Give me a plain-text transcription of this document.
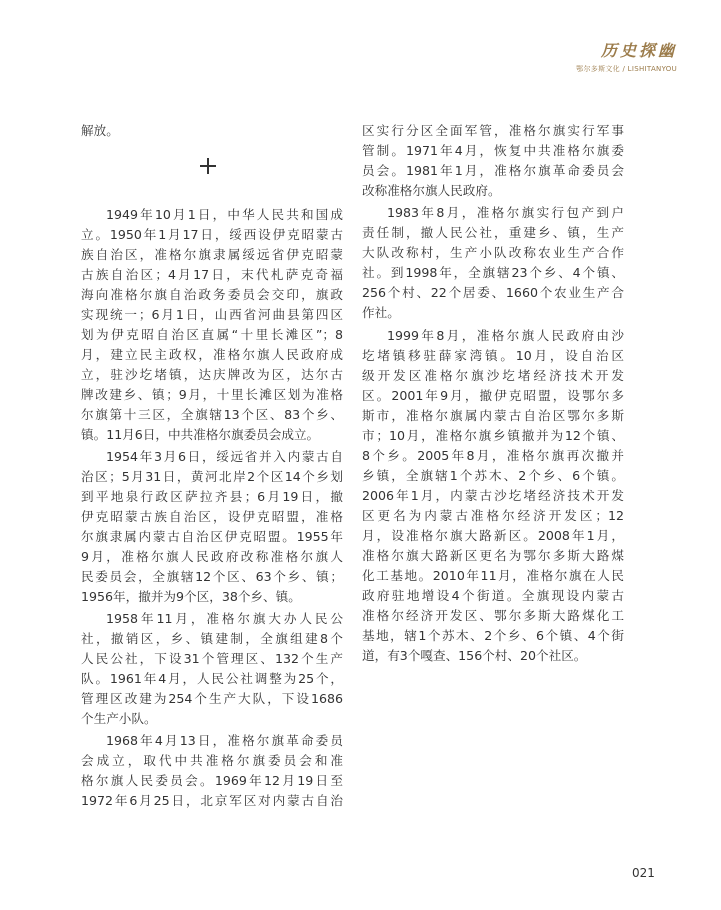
历史探幽
鄂尔多斯文化 / LISHITANYOU
解放。
1949年10月1日，中华人民共和国成
立。1950年1月17日，绥西设伊克昭蒙古
族自治区，准格尔旗隶属绥远省伊克昭蒙
古族自治区；4月17日，末代札萨克奇福
海向准格尔旗自治政务委员会交印，旗政
实现统一；6月1日，山西省河曲县第四区
划为伊克昭自治区直属“十里长滩区”；8
月，建立民主政权，准格尔旗人民政府成
立，驻沙圪堵镇，达庆牌改为区，达尔古
牌改建乡、镇；9月，十里长滩区划为准格
尔旗第十三区，全旗辖13个区、83个乡、
镇。11月6日，中共准格尔旗委员会成立。
1954年3月6日，绥远省并入内蒙古自
治区；5月31日，黄河北岸2个区14个乡划
到平地泉行政区萨拉齐县；6月19日，撤
伊克昭蒙古族自治区，设伊克昭盟，准格
尔旗隶属内蒙古自治区伊克昭盟。1955年
9月，准格尔旗人民政府改称准格尔旗人
民委员会，全旗辖12个区、63个乡、镇；
1956年，撤并为9个区，38个乡、镇。
1958年11月，准格尔旗大办人民公
社，撤销区，乡、镇建制，全旗组建8个
人民公社，下设31个管理区、132个生产
队。1961年4月，人民公社调整为25个，
管理区改建为254个生产大队，下设1686
个生产小队。
1968年4月13日，准格尔旗革命委员
会成立，取代中共准格尔旗委员会和准
格尔旗人民委员会。1969年12月19日至
1972年6月25日，北京军区对内蒙古自治
区实行分区全面军管，准格尔旗实行军事
管制。1971年4月，恢复中共准格尔旗委
员会。1981年1月，准格尔旗革命委员会
改称准格尔旗人民政府。
1983年8月，准格尔旗实行包产到户
责任制，撤人民公社，重建乡、镇，生产
大队改称村，生产小队改称农业生产合作
社。到1998年，全旗辖23个乡、4个镇、
256个村、22个居委、1660个农业生产合
作社。
1999年8月，准格尔旗人民政府由沙
圪堵镇移驻薛家湾镇。10月，设自治区
级开发区准格尔旗沙圪堵经济技术开发
区。2001年9月，撤伊克昭盟，设鄂尔多
斯市，准格尔旗属内蒙古自治区鄂尔多斯
市；10月，准格尔旗乡镇撤并为12个镇、
8个乡。2005年8月，准格尔旗再次撤并
乡镇，全旗辖1个苏木、2个乡、6个镇。
2006年1月，内蒙古沙圪堵经济技术开发
区更名为内蒙古准格尔经济开发区；12
月，设准格尔旗大路新区。2008年1月，
准格尔旗大路新区更名为鄂尔多斯大路煤
化工基地。2010年11月，准格尔旗在人民
政府驻地增设4个街道。全旗现设内蒙古
准格尔经济开发区、鄂尔多斯大路煤化工
基地，辖1个苏木、2个乡、6个镇、4个街
道，有3个嘎查、156个村、20个社区。
021
